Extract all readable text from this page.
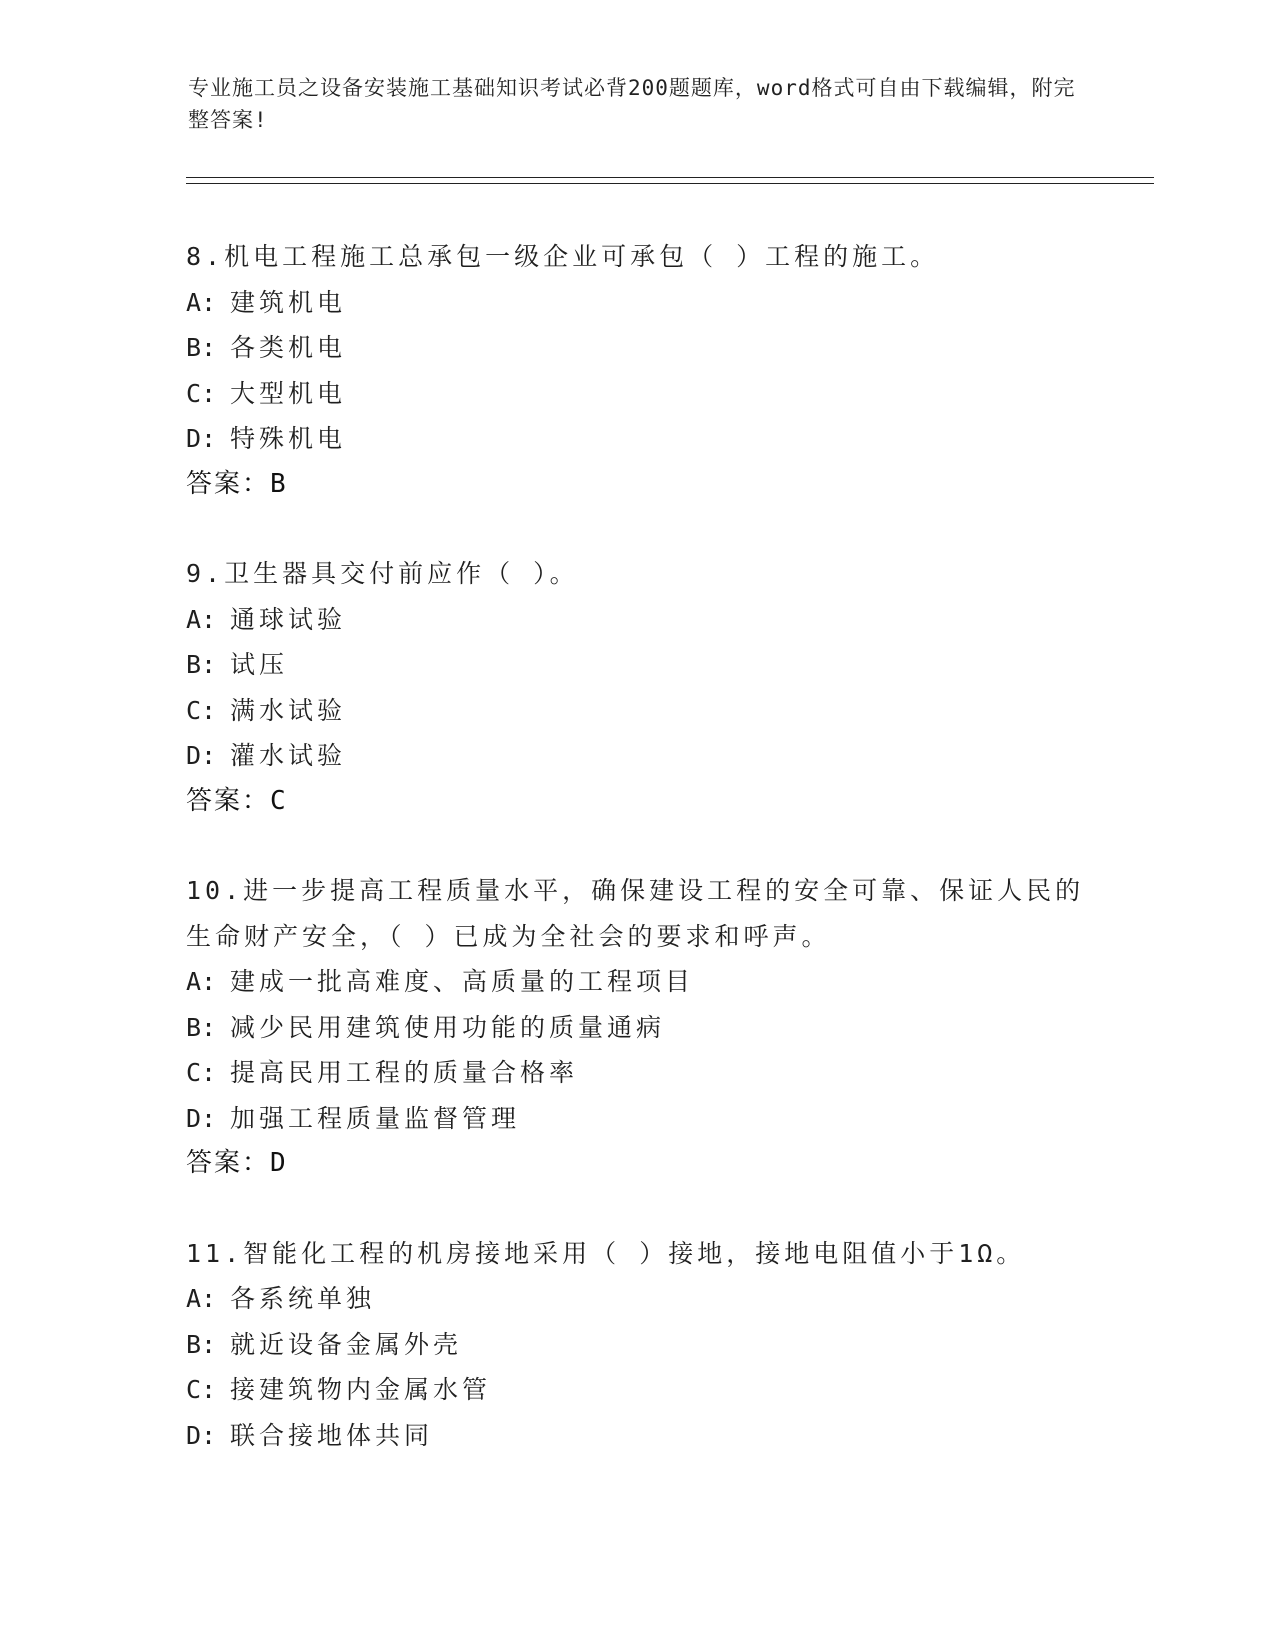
专业施工员之设备安装施工基础知识考试必背200题题库，word格式可自由下载编辑，附完整答案!

8.机电工程施工总承包一级企业可承包（ ）工程的施工。

A: 建筑机电

B: 各类机电

C: 大型机电

D: 特殊机电

答案：B

9.卫生器具交付前应作（ ）。

A: 通球试验

B: 试压

C: 满水试验

D: 灌水试验

答案：C

10.进一步提高工程质量水平，确保建设工程的安全可靠、保证人民的生命财产安全，（ ）已成为全社会的要求和呼声。

A: 建成一批高难度、高质量的工程项目

B: 减少民用建筑使用功能的质量通病

C: 提高民用工程的质量合格率

D: 加强工程质量监督管理

答案：D

11.智能化工程的机房接地采用（ ）接地，接地电阻值小于1Ω。

A: 各系统单独

B: 就近设备金属外壳

C: 接建筑物内金属水管

D: 联合接地体共同
